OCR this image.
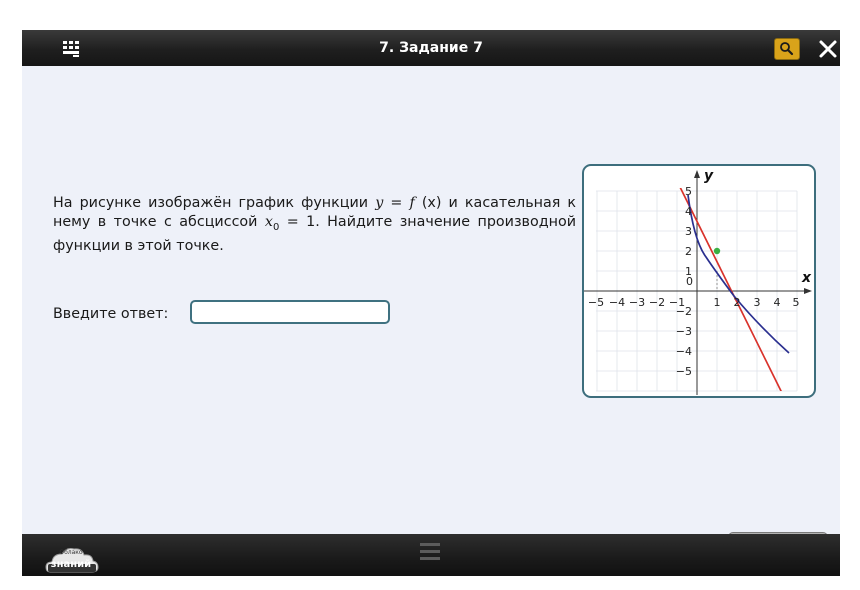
7. Задание 7
На рисунке изображён график функции y = f (x) и касательная к нему в точке с абсциссой $x_0 = 1$. Найдите значение производной функции в этой точке.
Введите ответ:
y
x
0
−5 −4 −3 −2 −1	1 2 3 4 5
5
4
3
2
1
−2
−3
−4
−5
Облако
знаний
